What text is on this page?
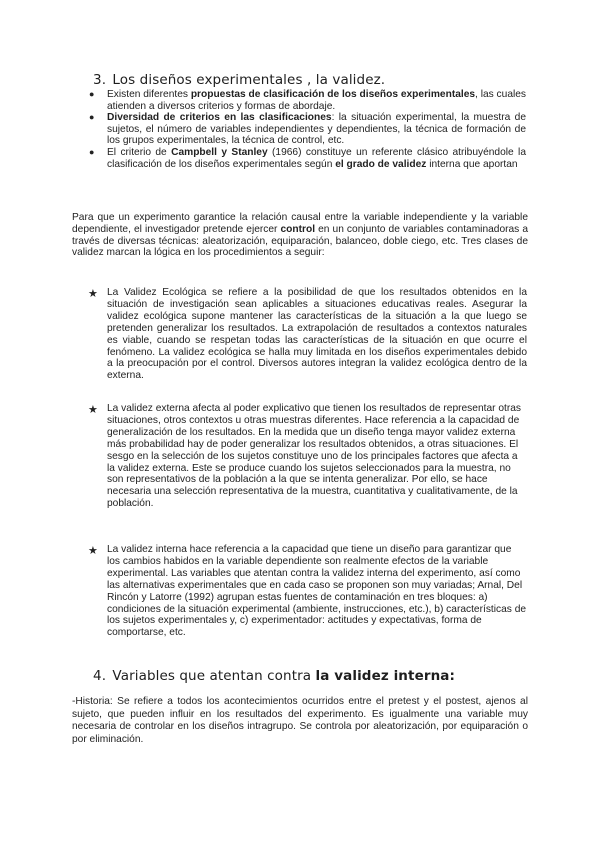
3. Los diseños experimentales , la validez.
● Existen diferentes propuestas de clasificación de los diseños experimentales, las cuales atienden a diversos criterios y formas de abordaje.
● Diversidad de criterios en las clasificaciones: la situación experimental, la muestra de sujetos, el número de variables independientes y dependientes, la técnica de formación de los grupos experimentales, la técnica de control, etc.
● El criterio de Campbell y Stanley (1966) constituye un referente clásico atribuyéndole la clasificación de los diseños experimentales según el grado de validez interna que aportan
Para que un experimento garantice la relación causal entre la variable independiente y la variable dependiente, el investigador pretende ejercer control en un conjunto de variables contaminadoras a través de diversas técnicas: aleatorización, equiparación, balanceo, doble ciego, etc. Tres clases de validez marcan la lógica en los procedimientos a seguir:
★ La Validez Ecológica se refiere a la posibilidad de que los resultados obtenidos en la situación de investigación sean aplicables a situaciones educativas reales. Asegurar la validez ecológica supone mantener las características de la situación a la que luego se pretenden generalizar los resultados. La extrapolación de resultados a contextos naturales es viable, cuando se respetan todas las características de la situación en que ocurre el fenómeno. La validez ecológica se halla muy limitada en los diseños experimentales debido a la preocupación por el control. Diversos autores integran la validez ecológica dentro de la externa.

★ La validez externa afecta al poder explicativo que tienen los resultados de representar otras situaciones, otros contextos u otras muestras diferentes. Hace referencia a la capacidad de generalización de los resultados. En la medida que un diseño tenga mayor validez externa más probabilidad hay de poder generalizar los resultados obtenidos, a otras situaciones. El sesgo en la selección de los sujetos constituye uno de los principales factores que afecta a la validez externa. Este se produce cuando los sujetos seleccionados para la muestra, no son representativos de la población a la que se intenta generalizar. Por ello, se hace necesaria una selección representativa de la muestra, cuantitativa y cualitativamente, de la población.

★ La validez interna hace referencia a la capacidad que tiene un diseño para garantizar que los cambios habidos en la variable dependiente son realmente efectos de la variable experimental. Las variables que atentan contra la validez interna del experimento, así como las alternativas experimentales que en cada caso se proponen son muy variadas; Arnal, Del Rincón y Latorre (1992) agrupan estas fuentes de contaminación en tres bloques: a) condiciones de la situación experimental (ambiente, instrucciones, etc.), b) características de los sujetos experimentales y, c) experimentador: actitudes y expectativas, forma de comportarse, etc.

4. Variables que atentan contra la validez interna:

-Historia: Se refiere a todos los acontecimientos ocurridos entre el pretest y el postest, ajenos al sujeto, que pueden influir en los resultados del experimento. Es igualmente una variable muy necesaria de controlar en los diseños intragrupo. Se controla por aleatorización, por equiparación o por eliminación.
